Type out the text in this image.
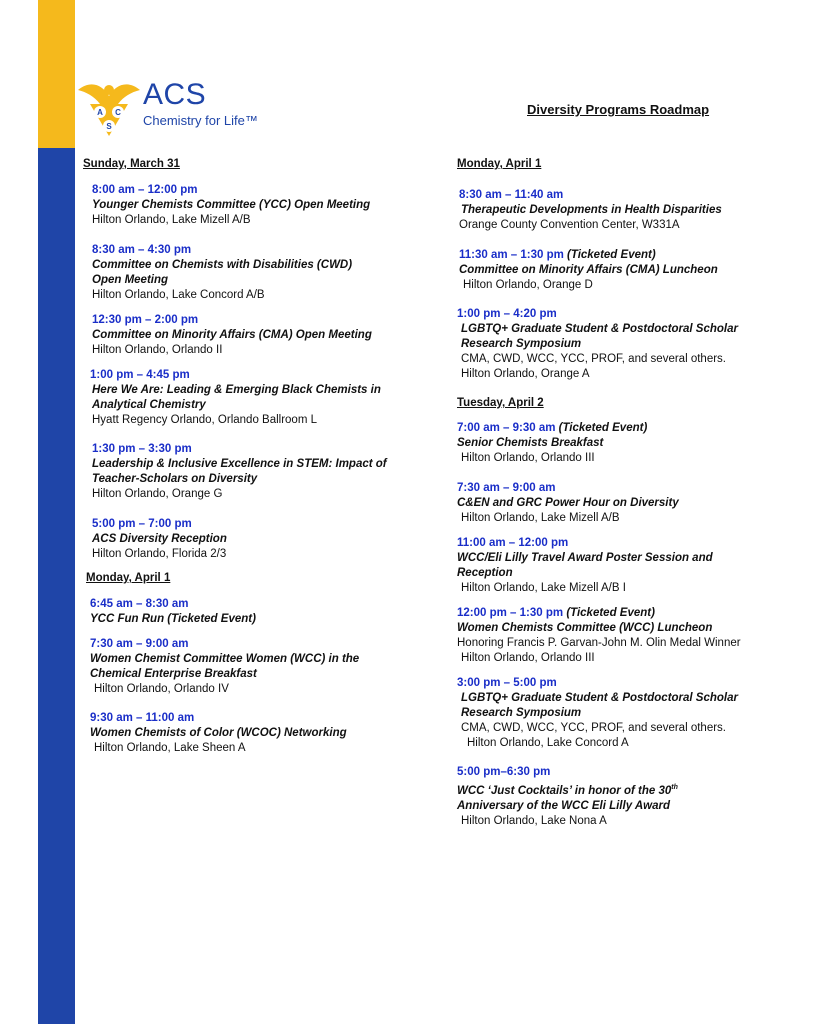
A C
S
ACS
Chemistry for Life™
Diversity Programs Roadmap
Sunday, March 31
8:00 am – 12:00 pm
Younger Chemists Committee (YCC) Open Meeting
Hilton Orlando, Lake Mizell A/B
8:30 am – 4:30 pm
Committee on Chemists with Disabilities (CWD)
Open Meeting
Hilton Orlando, Lake Concord A/B
12:30 pm – 2:00 pm
Committee on Minority Affairs (CMA) Open Meeting
Hilton Orlando, Orlando II
1:00 pm – 4:45 pm
Here We Are: Leading & Emerging Black Chemists in
Analytical Chemistry
Hyatt Regency Orlando, Orlando Ballroom L
1:30 pm – 3:30 pm
Leadership & Inclusive Excellence in STEM: Impact of
Teacher-Scholars on Diversity
Hilton Orlando, Orange G
5:00 pm – 7:00 pm
ACS Diversity Reception
Hilton Orlando, Florida 2/3
Monday, April 1
6:45 am – 8:30 am
YCC Fun Run (Ticketed Event)
7:30 am – 9:00 am
Women Chemist Committee Women (WCC) in the
Chemical Enterprise Breakfast
Hilton Orlando, Orlando IV
9:30 am – 11:00 am
Women Chemists of Color (WCOC) Networking
Hilton Orlando, Lake Sheen A
Monday, April 1
8:30 am – 11:40 am
Therapeutic Developments in Health Disparities
Orange County Convention Center, W331A
11:30 am – 1:30 pm (Ticketed Event)
Committee on Minority Affairs (CMA) Luncheon
Hilton Orlando, Orange D
1:00 pm – 4:20 pm
LGBTQ+ Graduate Student & Postdoctoral Scholar
Research Symposium
CMA, CWD, WCC, YCC, PROF, and several others.
Hilton Orlando, Orange A
Tuesday, April 2
7:00 am – 9:30 am (Ticketed Event)
Senior Chemists Breakfast
Hilton Orlando, Orlando III
7:30 am – 9:00 am
C&EN and GRC Power Hour on Diversity
Hilton Orlando, Lake Mizell A/B
11:00 am – 12:00 pm
WCC/Eli Lilly Travel Award Poster Session and
Reception
Hilton Orlando, Lake Mizell A/B I
12:00 pm – 1:30 pm (Ticketed Event)
Women Chemists Committee (WCC) Luncheon
Honoring Francis P. Garvan-John M. Olin Medal Winner
Hilton Orlando, Orlando III
3:00 pm – 5:00 pm
LGBTQ+ Graduate Student & Postdoctoral Scholar
Research Symposium
CMA, CWD, WCC, YCC, PROF, and several others.
Hilton Orlando, Lake Concord A
5:00 pm–6:30 pm
WCC ‘Just Cocktails’ in honor of the 30th
Anniversary of the WCC Eli Lilly Award
Hilton Orlando, Lake Nona A
